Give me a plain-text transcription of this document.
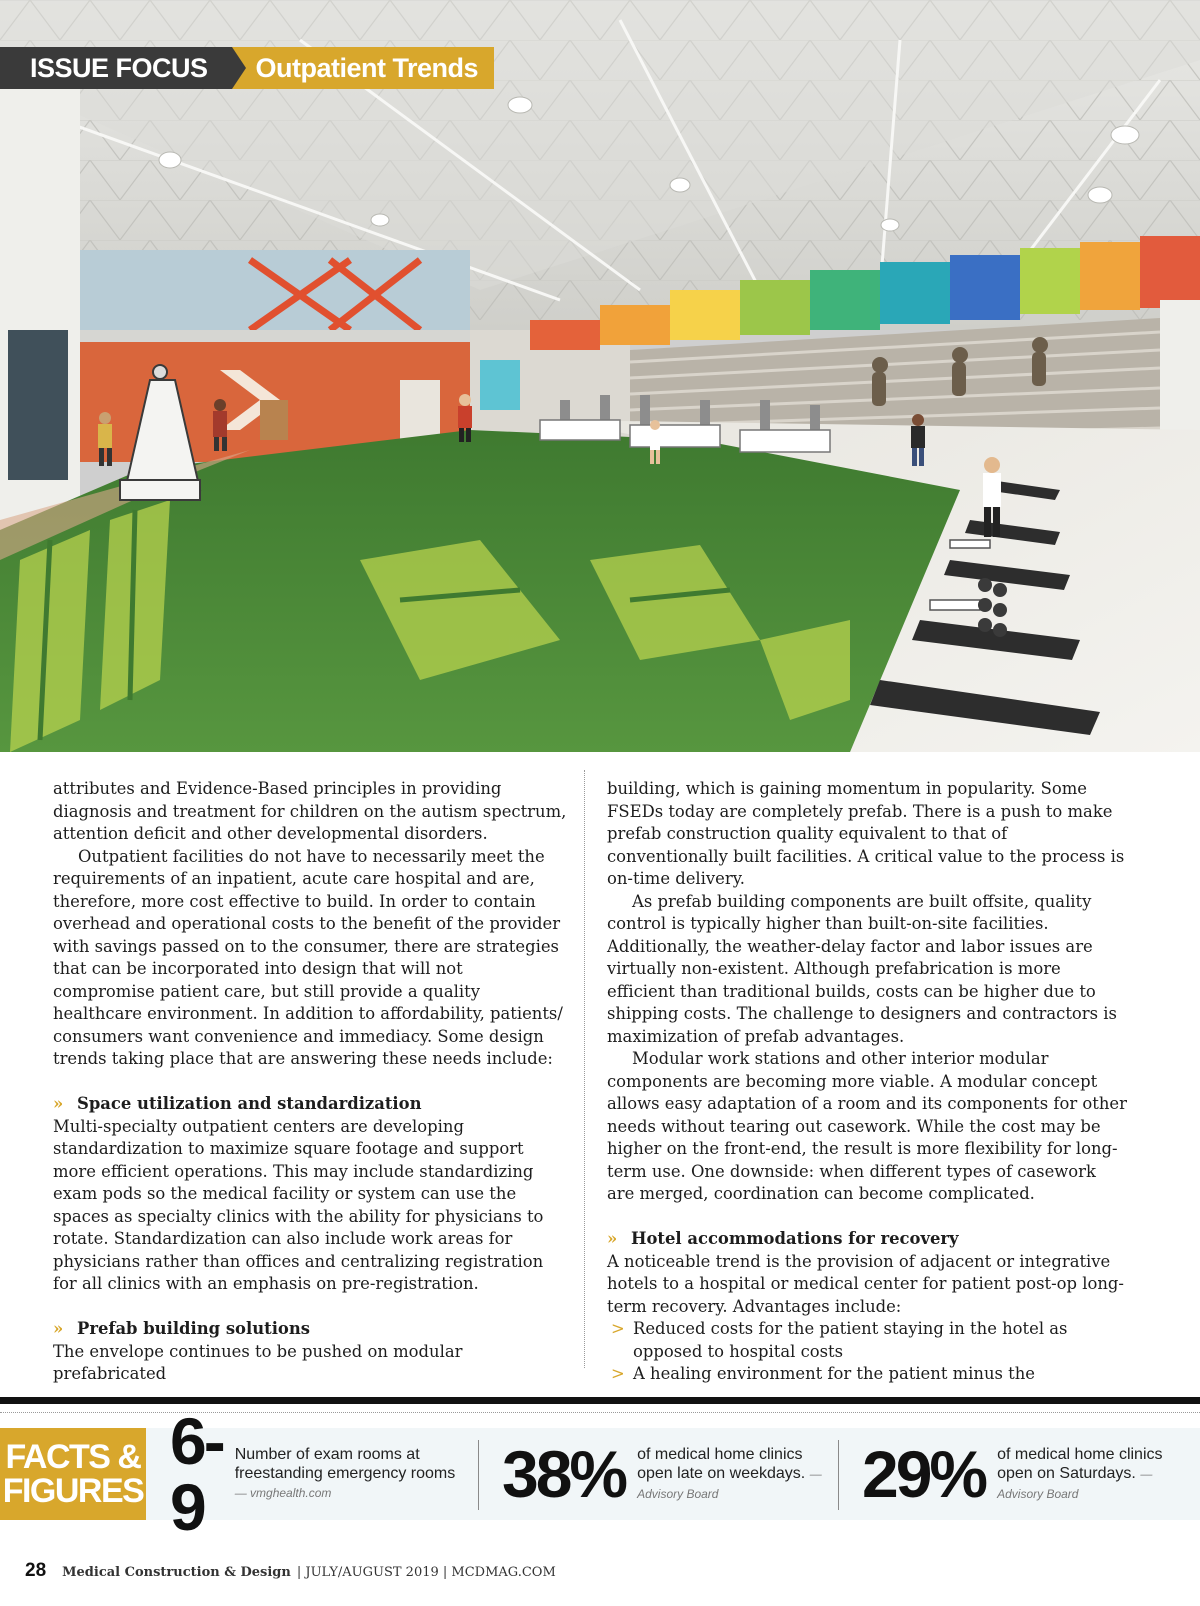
ISSUE FOCUS	Outpatient Trends

attributes and Evidence-Based principles in providing diagnosis and treatment for children on the autism spectrum, attention deficit and other developmental disorders.

Outpatient facilities do not have to necessarily meet the requirements of an inpatient, acute care hospital and are, therefore, more cost effective to build. In order to contain overhead and operational costs to the benefit of the provider with savings passed on to the consumer, there are strategies that can be incorporated into design that will not compromise patient care, but still provide a quality healthcare environment. In addition to affordability, patients/ consumers want convenience and immediacy. Some design trends taking place that are answering these needs include:

» Space utilization and standardization

Multi-specialty outpatient centers are developing standardization to maximize square footage and support more efficient operations. This may include standardizing exam pods so the medical facility or system can use the spaces as specialty clinics with the ability for physicians to rotate. Standardization can also include work areas for physicians rather than offices and centralizing registration for all clinics with an emphasis on pre-registration.

» Prefab building solutions

The envelope continues to be pushed on modular prefabricated

building, which is gaining momentum in popularity. Some FSEDs today are completely prefab. There is a push to make prefab construction quality equivalent to that of conventionally built facilities. A critical value to the process is on-time delivery.

As prefab building components are built offsite, quality control is typically higher than built-on-site facilities. Additionally, the weather-delay factor and labor issues are virtually non-existent. Although prefabrication is more efficient than traditional builds, costs can be higher due to shipping costs. The challenge to designers and contractors is maximization of prefab advantages.

Modular work stations and other interior modular components are becoming more viable. A modular concept allows easy adaptation of a room and its components for other needs without tearing out casework. While the cost may be higher on the front-end, the result is more flexibility for long-term use. One downside: when different types of casework are merged, coordination can become complicated.

» Hotel accommodations for recovery

A noticeable trend is the provision of adjacent or integrative hotels to a hospital or medical center for patient post-op long-term recovery. Advantages include:

> Reduced costs for the patient staying in the hotel as opposed to hospital costs
> A healing environment for the patient minus the
FACTS &
FIGURES
6-9
Number of exam rooms at freestanding emergency rooms — vmghealth.com	38% of medical home clinics open late on weekdays. — Advisory Board	29% of medical home clinics open on Saturdays. — Advisory Board
28 Medical Construction & Design | JULY/AUGUST 2019 | MCDMAG.COM
